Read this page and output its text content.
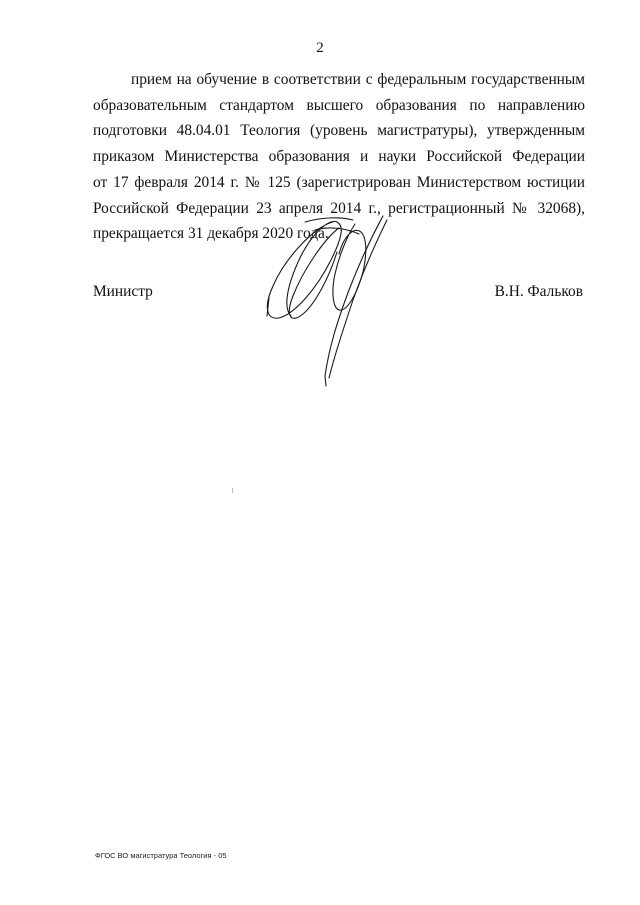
2
прием на обучение в соответствии с федеральным государственным
образовательным стандартом высшего образования по направлению
подготовки 48.04.01 Теология (уровень магистратуры), утвержденным
приказом Министерства образования и науки Российской Федерации
от 17 февраля 2014 г. № 125 (зарегистрирован Министерством юстиции
Российской Федерации 23 апреля 2014 г., регистрационный № 32068),
прекращается 31 декабря 2020 года.
Министр	В.Н. Фальков
ФГОС ВО магистратура Теология - 05
